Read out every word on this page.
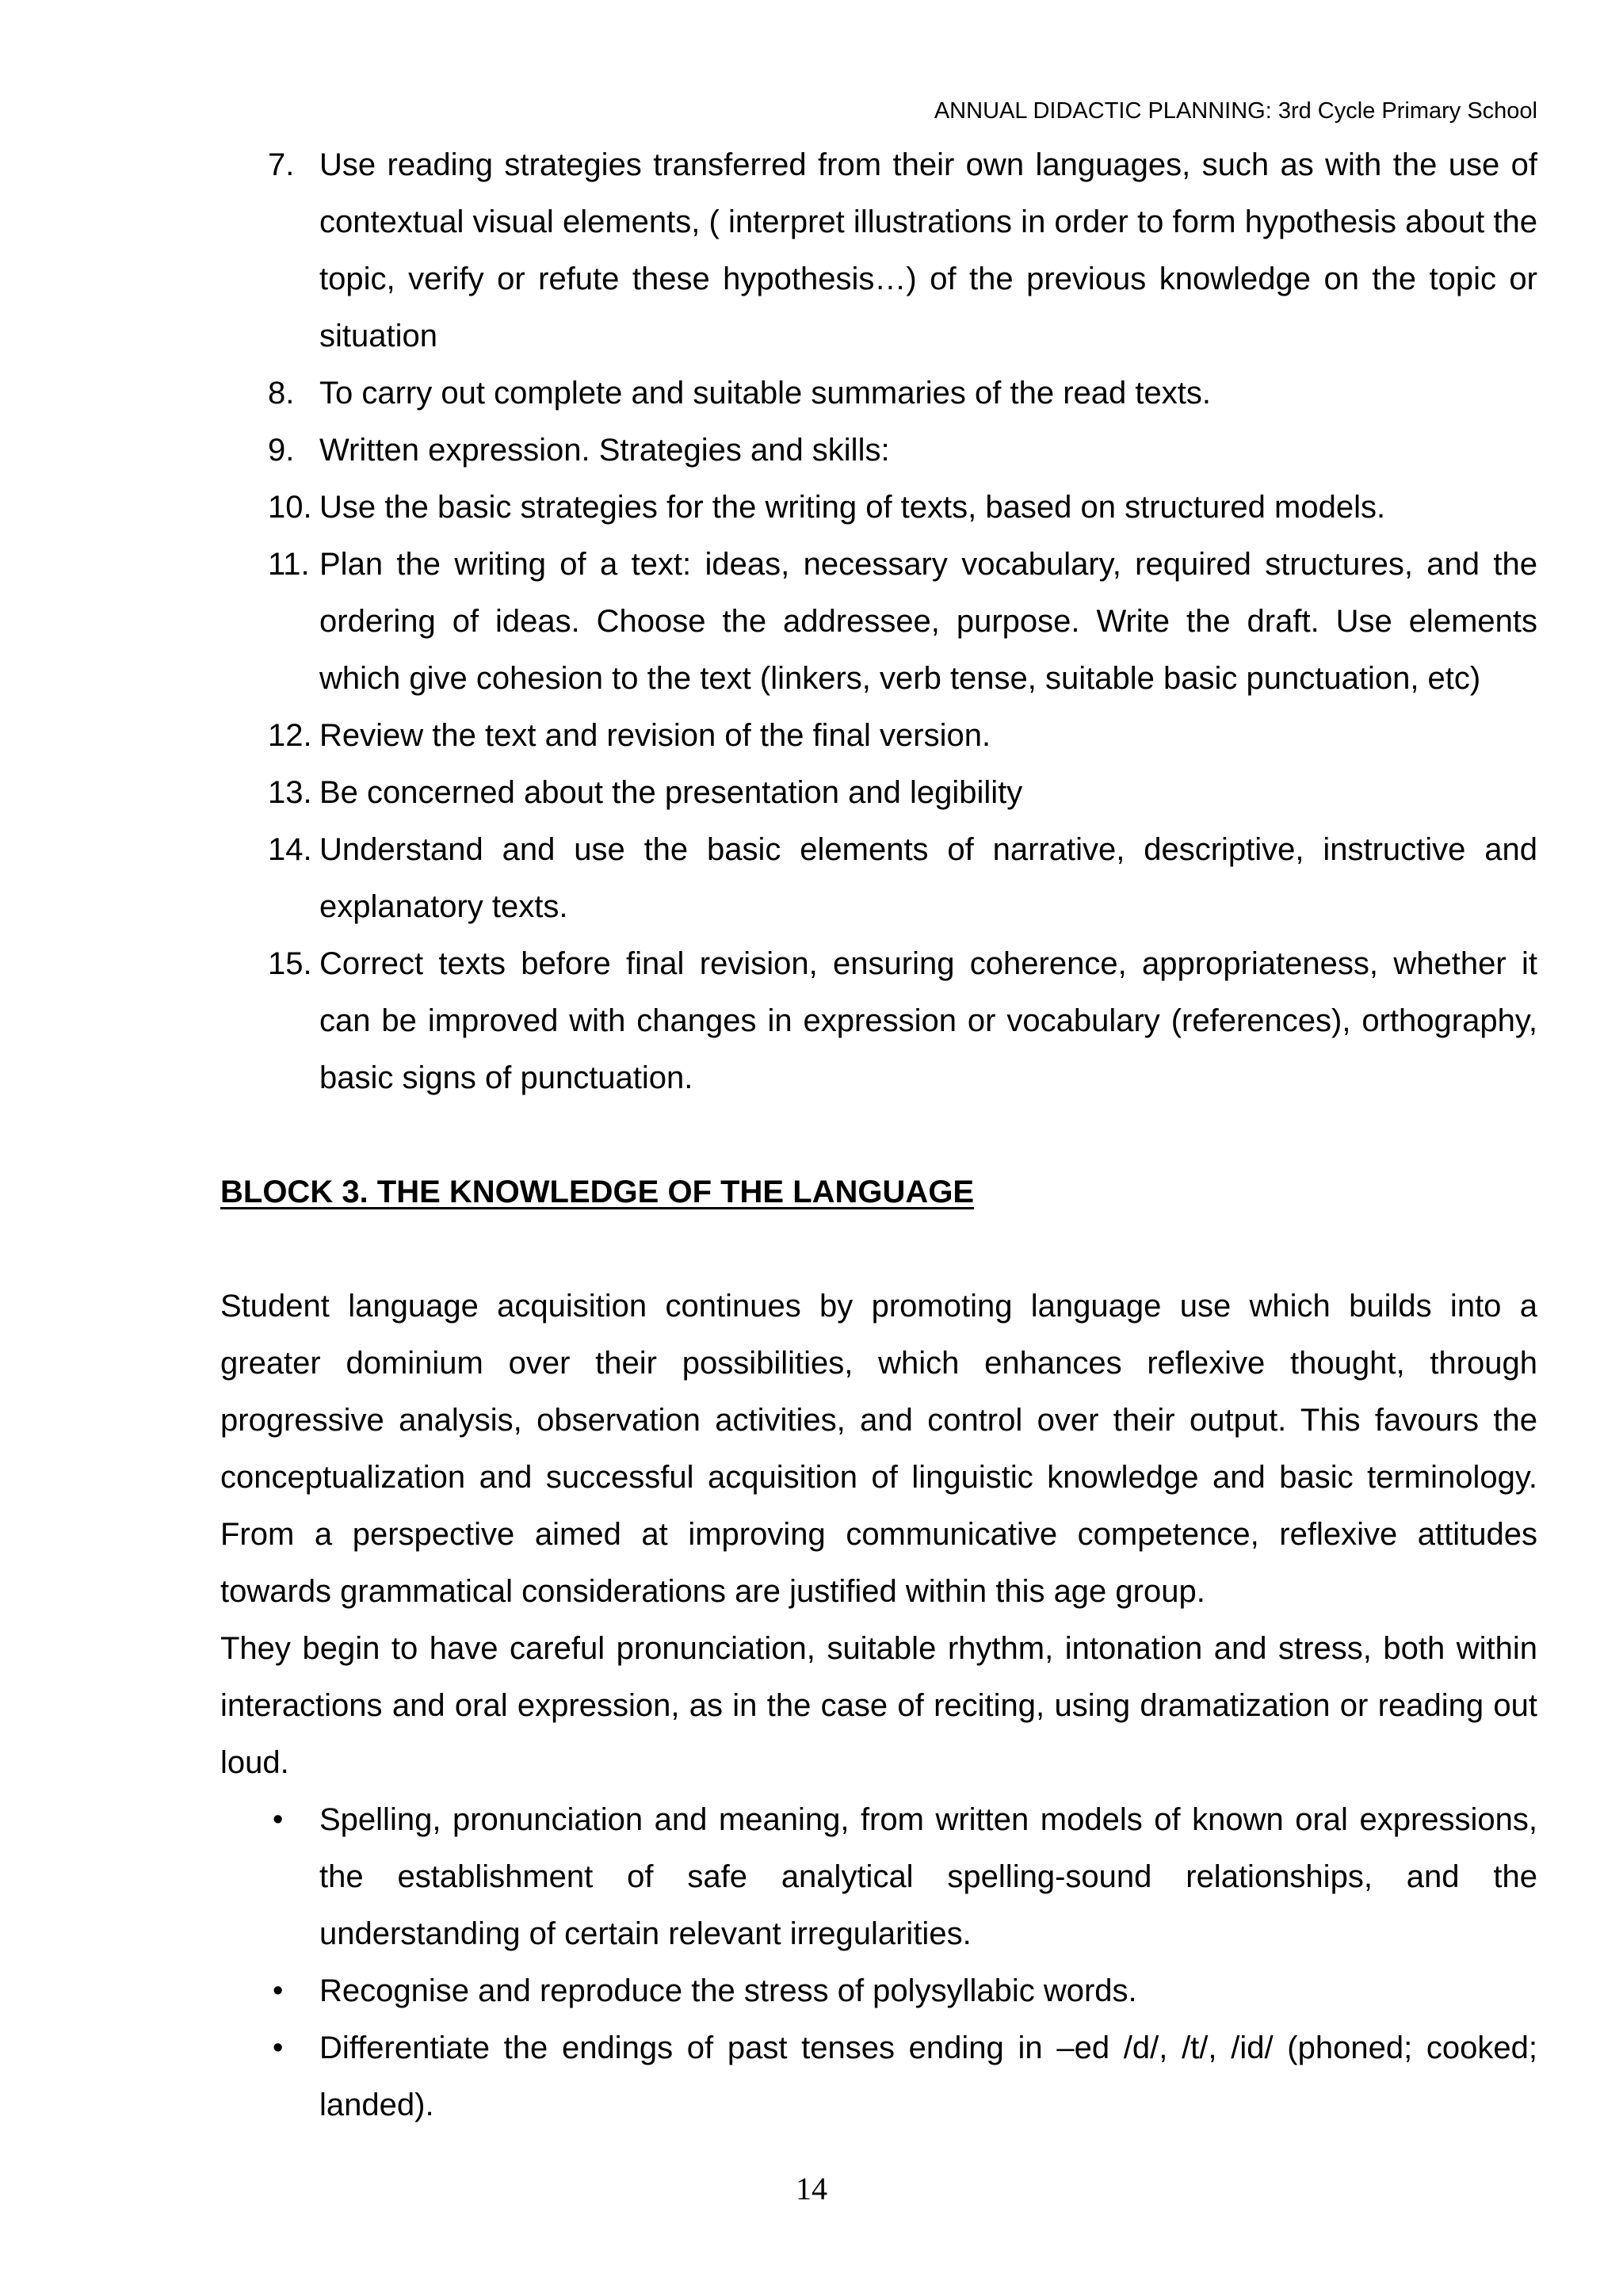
ANNUAL DIDACTIC PLANNING: 3rd Cycle Primary School
7. Use reading strategies transferred from their own languages, such as with the use of contextual visual elements, ( interpret illustrations in order to form hypothesis about the topic, verify or refute these hypothesis…) of the previous knowledge on the topic or situation
8. To carry out complete and suitable summaries of the read texts.
9. Written expression. Strategies and skills:
10. Use the basic strategies for the writing of texts, based on structured models.
11. Plan the writing of a text: ideas, necessary vocabulary, required structures, and the ordering of ideas. Choose the addressee, purpose. Write the draft. Use elements which give cohesion to the text (linkers, verb tense, suitable basic punctuation, etc)
12. Review the text and revision of the final version.
13. Be concerned about the presentation and legibility
14. Understand and use the basic elements of narrative, descriptive, instructive and explanatory texts.
15. Correct texts before final revision, ensuring coherence, appropriateness, whether it can be improved with changes in expression or vocabulary (references), orthography, basic signs of punctuation.
BLOCK 3. THE KNOWLEDGE OF THE LANGUAGE

Student language acquisition continues by promoting language use which builds into a greater dominium over their possibilities, which enhances reflexive thought, through progressive analysis, observation activities, and control over their output. This favours the conceptualization and successful acquisition of linguistic knowledge and basic terminology. From a perspective aimed at improving communicative competence, reflexive attitudes towards grammatical considerations are justified within this age group.

They begin to have careful pronunciation, suitable rhythm, intonation and stress, both within interactions and oral expression, as in the case of reciting, using dramatization or reading out loud.

• Spelling, pronunciation and meaning, from written models of known oral expressions, the establishment of safe analytical spelling-sound relationships, and the understanding of certain relevant irregularities.
• Recognise and reproduce the stress of polysyllabic words.
• Differentiate the endings of past tenses ending in –ed /d/, /t/, /id/ (phoned; cooked; landed).
14
